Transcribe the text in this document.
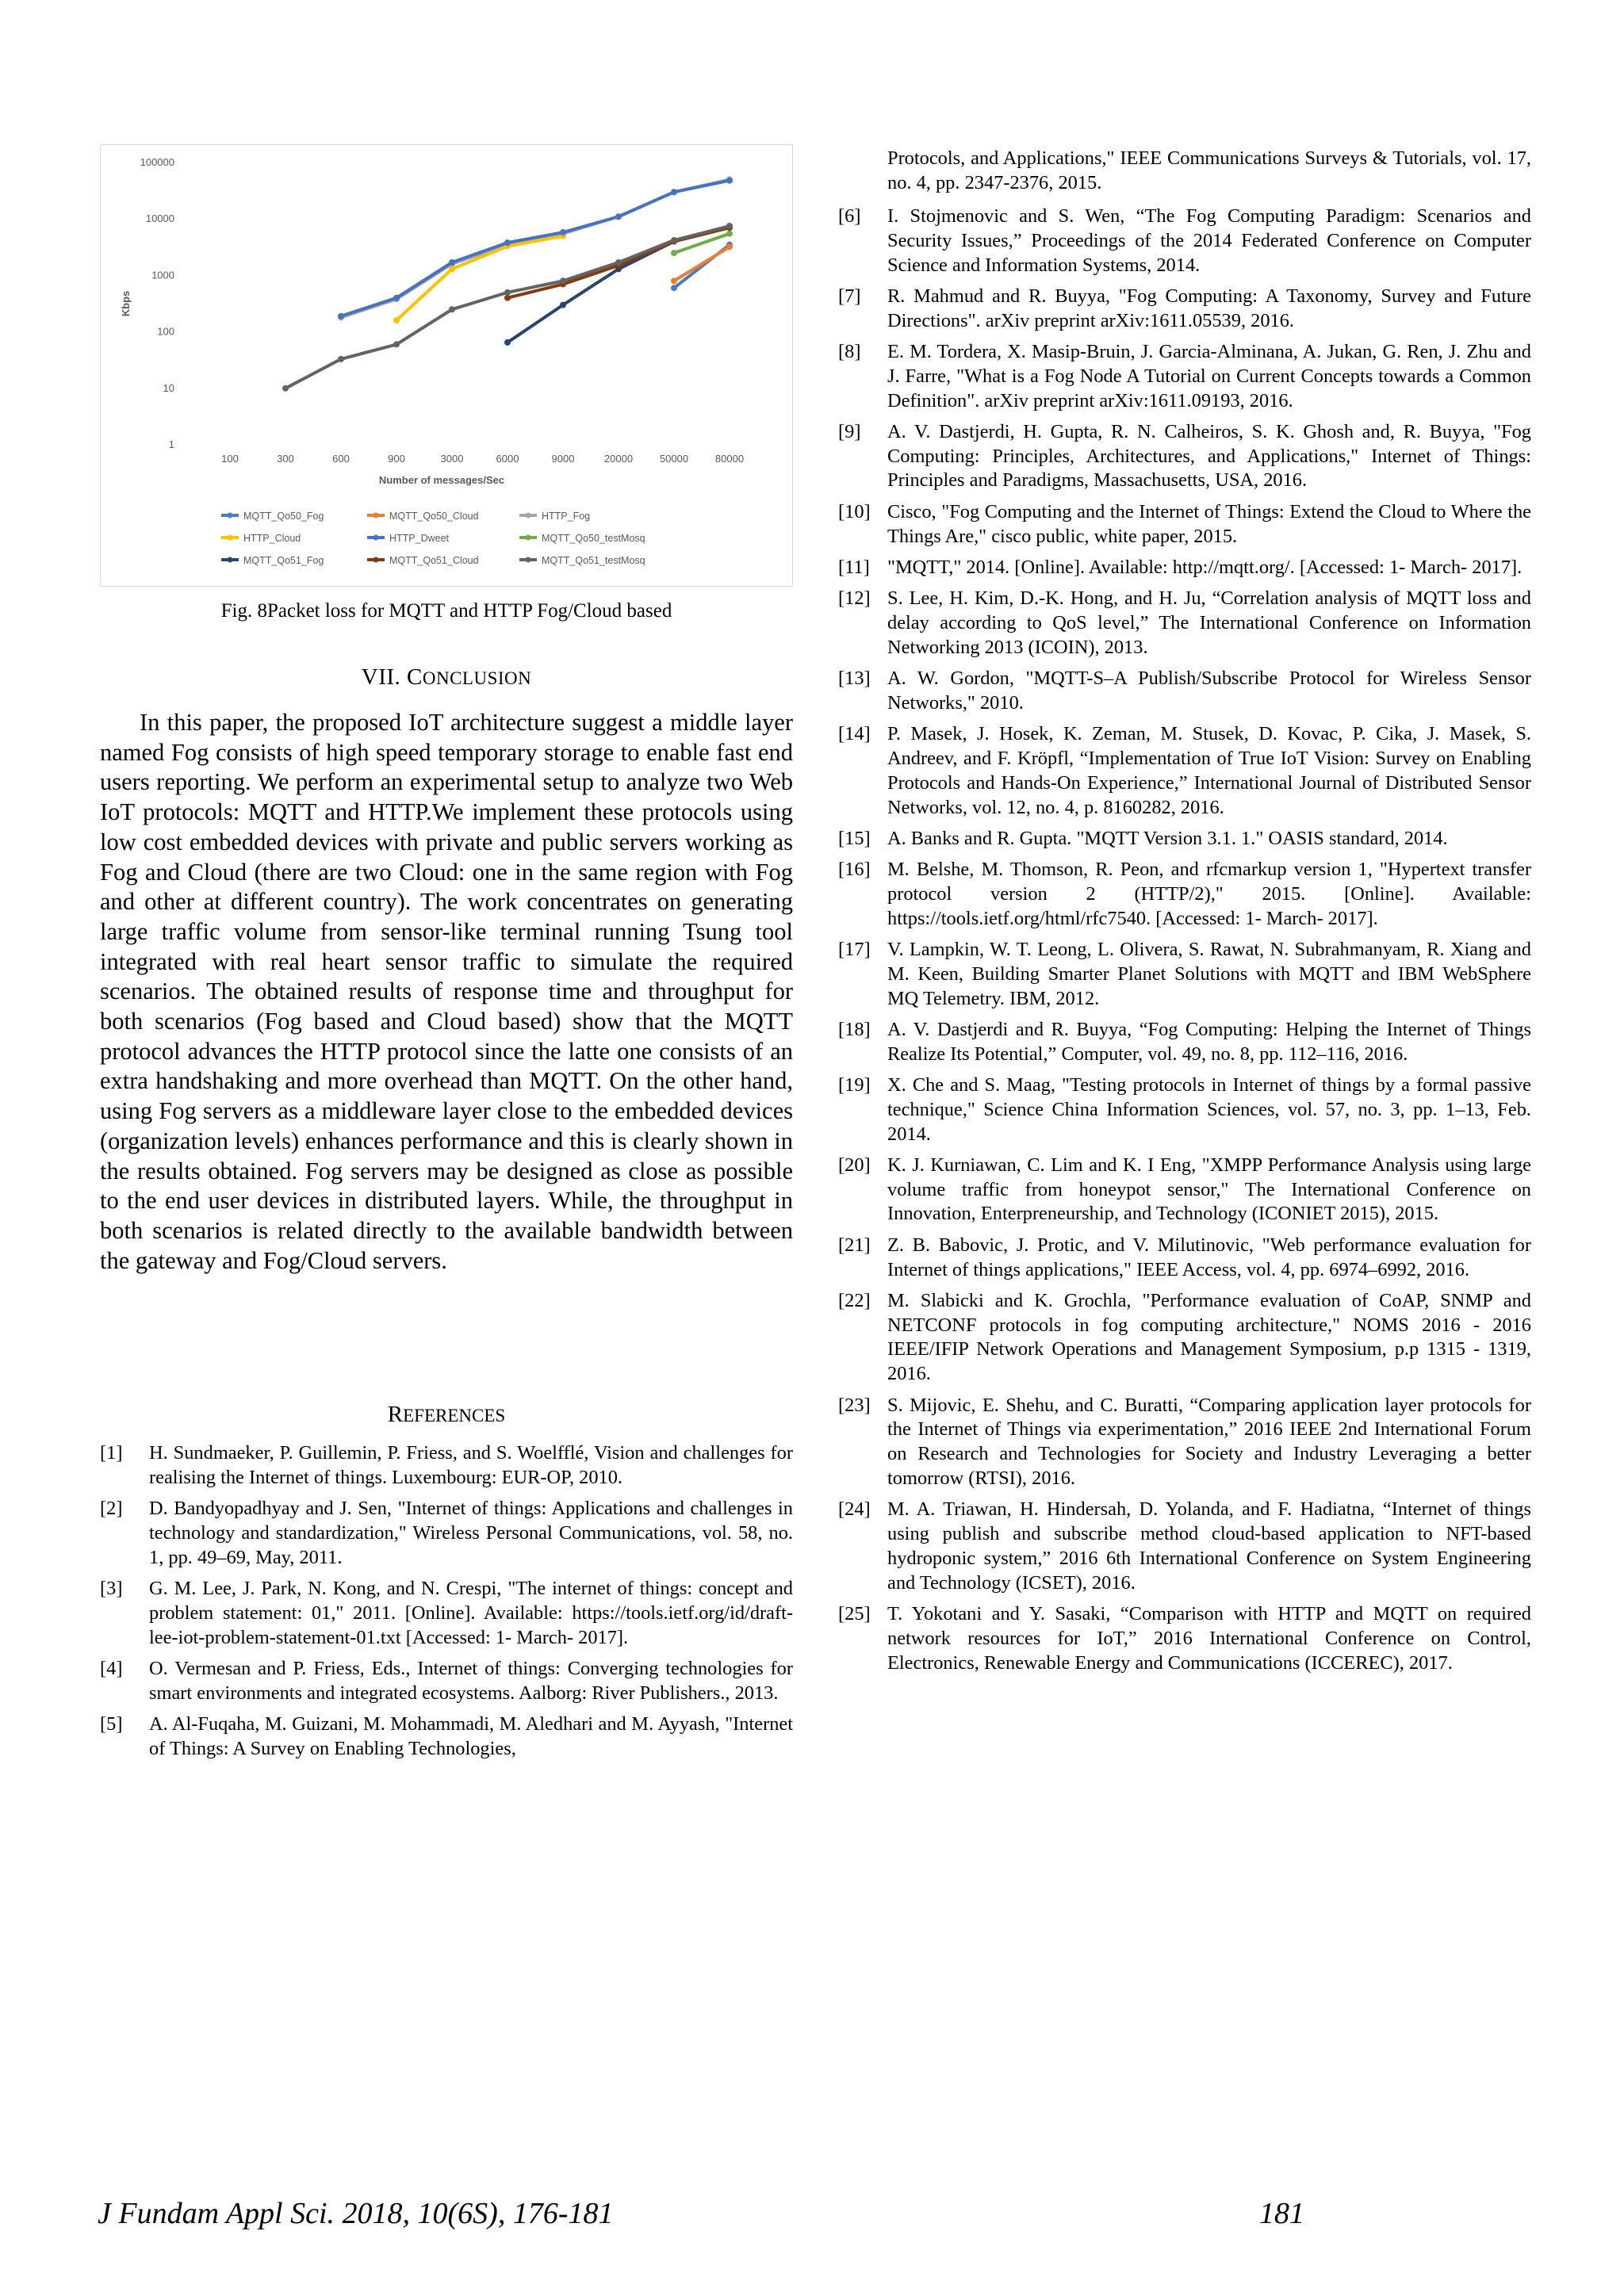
100000
10000
1000
100
10
1
Kbps
100	300	600	900	3000	6000	9000	20000	50000	80000
Number of messages/Sec
MQTT_Qo50_Fog	MQTT_Qo50_Cloud	HTTP_Fog
HTTP_Cloud	HTTP_Dweet	MQTT_Qo50_testMosq
MQTT_Qo51_Fog	MQTT_Qo51_Cloud	MQTT_Qo51_testMosq
Fig. 8Packet loss for MQTT and HTTP Fog/Cloud based
VII. CONCLUSION

In this paper, the proposed IoT architecture suggest a middle layer named Fog consists of high speed temporary storage to enable fast end users reporting. We perform an experimental setup to analyze two Web IoT protocols: MQTT and HTTP.We implement these protocols using low cost embedded devices with private and public servers working as Fog and Cloud (there are two Cloud: one in the same region with Fog and other at different country). The work concentrates on generating large traffic volume from sensor-like terminal running Tsung tool integrated with real heart sensor traffic to simulate the required scenarios. The obtained results of response time and throughput for both scenarios (Fog based and Cloud based) show that the MQTT protocol advances the HTTP protocol since the latte one consists of an extra handshaking and more overhead than MQTT. On the other hand, using Fog servers as a middleware layer close to the embedded devices (organization levels) enhances performance and this is clearly shown in the results obtained. Fog servers may be designed as close as possible to the end user devices in distributed layers. While, the throughput in both scenarios is related directly to the available bandwidth between the gateway and Fog/Cloud servers.

REFERENCES
[1]	H. Sundmaeker, P. Guillemin, P. Friess, and S. Woelfflé, Vision and challenges for realising the Internet of things. Luxembourg: EUR-OP, 2010.
[2]	D. Bandyopadhyay and J. Sen, "Internet of things: Applications and challenges in technology and standardization," Wireless Personal Communications, vol. 58, no. 1, pp. 49–69, May, 2011.
[3]	G. M. Lee, J. Park, N. Kong, and N. Crespi, "The internet of things: concept and problem statement: 01," 2011. [Online]. Available: https://tools.ietf.org/id/draft-lee-iot-problem-statement-01.txt [Accessed: 1- March- 2017].
[4]	O. Vermesan and P. Friess, Eds., Internet of things: Converging technologies for smart environments and integrated ecosystems. Aalborg: River Publishers., 2013.
[5]	A. Al-Fuqaha, M. Guizani, M. Mohammadi, M. Aledhari and M. Ayyash, "Internet of Things: A Survey on Enabling Technologies,
Protocols, and Applications," IEEE Communications Surveys & Tutorials, vol. 17, no. 4, pp. 2347-2376, 2015.
[6]	I. Stojmenovic and S. Wen, “The Fog Computing Paradigm: Scenarios and Security Issues,” Proceedings of the 2014 Federated Conference on Computer Science and Information Systems, 2014.
[7]	R. Mahmud and R. Buyya, "Fog Computing: A Taxonomy, Survey and Future Directions". arXiv preprint arXiv:1611.05539, 2016.
[8]	E. M. Tordera, X. Masip-Bruin, J. Garcia-Alminana, A. Jukan, G. Ren, J. Zhu and J. Farre, "What is a Fog Node A Tutorial on Current Concepts towards a Common Definition". arXiv preprint arXiv:1611.09193, 2016.
[9]	A. V. Dastjerdi, H. Gupta, R. N. Calheiros, S. K. Ghosh and, R. Buyya, "Fog Computing: Principles, Architectures, and Applications," Internet of Things: Principles and Paradigms, Massachusetts, USA, 2016.
[10] Cisco, "Fog Computing and the Internet of Things: Extend the Cloud to Where the Things Are," cisco public, white paper, 2015.
[11] "MQTT," 2014. [Online]. Available: http://mqtt.org/. [Accessed: 1- March- 2017].
[12] S. Lee, H. Kim, D.-K. Hong, and H. Ju, “Correlation analysis of MQTT loss and delay according to QoS level,” The International Conference on Information Networking 2013 (ICOIN), 2013.
[13] A. W. Gordon, "MQTT-S–A Publish/Subscribe Protocol for Wireless Sensor Networks," 2010.
[14] P. Masek, J. Hosek, K. Zeman, M. Stusek, D. Kovac, P. Cika, J. Masek, S. Andreev, and F. Kröpfl, “Implementation of True IoT Vision: Survey on Enabling Protocols and Hands-On Experience,” International Journal of Distributed Sensor Networks, vol. 12, no. 4, p. 8160282, 2016.
[15] A. Banks and R. Gupta. "MQTT Version 3.1. 1." OASIS standard, 2014.
[16] M. Belshe, M. Thomson, R. Peon, and rfcmarkup version 1, "Hypertext transfer protocol version 2 (HTTP/2)," 2015. [Online]. Available: https://tools.ietf.org/html/rfc7540. [Accessed: 1- March- 2017].
[17] V. Lampkin, W. T. Leong, L. Olivera, S. Rawat, N. Subrahmanyam, R. Xiang and M. Keen, Building Smarter Planet Solutions with MQTT and IBM WebSphere MQ Telemetry. IBM, 2012.
[18] A. V. Dastjerdi and R. Buyya, “Fog Computing: Helping the Internet of Things Realize Its Potential,” Computer, vol. 49, no. 8, pp. 112–116, 2016.
[19] X. Che and S. Maag, "Testing protocols in Internet of things by a formal passive technique," Science China Information Sciences, vol. 57, no. 3, pp. 1–13, Feb. 2014.
[20] K. J. Kurniawan, C. Lim and K. I Eng, "XMPP Performance Analysis using large volume traffic from honeypot sensor," The International Conference on Innovation, Enterpreneurship, and Technology (ICONIET 2015), 2015.
[21] Z. B. Babovic, J. Protic, and V. Milutinovic, "Web performance evaluation for Internet of things applications," IEEE Access, vol. 4, pp. 6974–6992, 2016.
[22] M. Slabicki and K. Grochla, "Performance evaluation of CoAP, SNMP and NETCONF protocols in fog computing architecture," NOMS 2016 - 2016 IEEE/IFIP Network Operations and Management Symposium, p.p 1315 - 1319, 2016.
[23] S. Mijovic, E. Shehu, and C. Buratti, “Comparing application layer protocols for the Internet of Things via experimentation,” 2016 IEEE 2nd International Forum on Research and Technologies for Society and Industry Leveraging a better tomorrow (RTSI), 2016.
[24] M. A. Triawan, H. Hindersah, D. Yolanda, and F. Hadiatna, “Internet of things using publish and subscribe method cloud-based application to NFT-based hydroponic system,” 2016 6th International Conference on System Engineering and Technology (ICSET), 2016.
[25] T. Yokotani and Y. Sasaki, “Comparison with HTTP and MQTT on required network resources for IoT,” 2016 International Conference on Control, Electronics, Renewable Energy and Communications (ICCEREC), 2017.
J Fundam Appl Sci. 2018, 10(6S), 176-181	181
